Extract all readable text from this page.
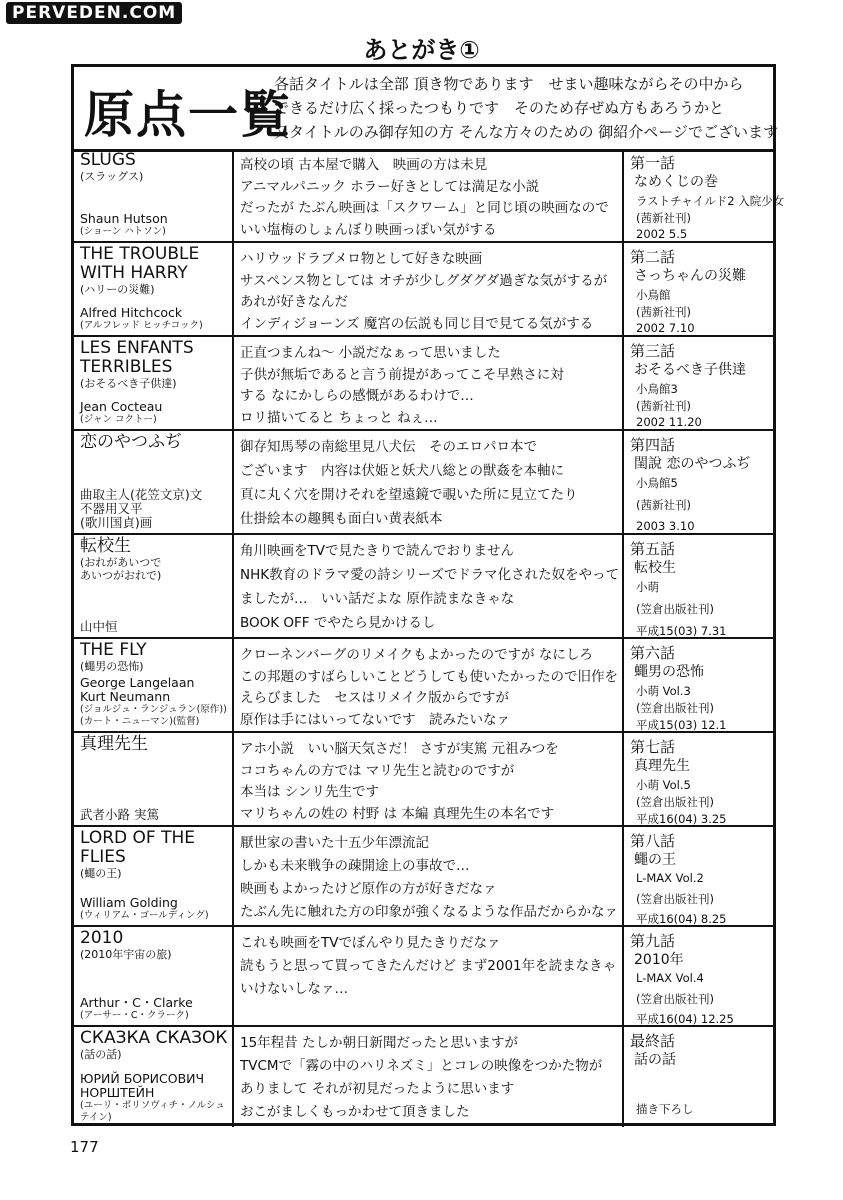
PERVEDEN.COM
あとがき①
原点一覧
各話タイトルは全部 頂き物であります　せまい趣味ながらその中から
できるだけ広く採ったつもりです　そのため存ぜぬ方もあろうかと
又タイトルのみ御存知の方 そんな方々のための 御紹介ページでございます
SLUGS
(スラッグス)
Shaun Hutson
(ショーン ハトソン)
高校の頃 古本屋で購入　映画の方は未見
アニマルパニック ホラー好きとしては満足な小説
だったが たぶん映画は「スクワーム」と同じ頃の映画なので
いい塩梅のしょんぼり映画っぽい気がする
第一話
なめくじの巻
ラストチャイルド2 入院少女
(茜新社刊)
2002 5.5
THE TROUBLE
WITH HARRY
(ハリーの災難)
Alfred Hitchcock
(アルフレッド ヒッチコック)
ハリウッドラブメロ物として好きな映画
サスペンス物としては オチが少しグダグダ過ぎな気がするが
あれが好きなんだ
インディジョーンズ 魔宮の伝説も同じ目で見てる気がする
第二話
さっちゃんの災難
小鳥館
(茜新社刊)
2002 7.10
LES ENFANTS
TERRIBLES
(おそるべき子供達)
Jean Cocteau
(ジャン コクトー)
正直つまんね〜 小説だなぁって思いました
子供が無垢であると言う前提があってこそ早熟さに対
する なにかしらの感慨があるわけで…
ロリ描いてると ちょっと ねぇ…
第三話
おそるべき子供達
小鳥館3
(茜新社刊)
2002 11.20
恋のやつふぢ
曲取主人(花笠文京)文
不器用又平
(歌川国貞)画
御存知馬琴の南総里見八犬伝　そのエロパロ本で
ございます　内容は伏姫と妖犬八総との獣姦を本軸に
頁に丸く穴を開けそれを望遠鏡で覗いた所に見立てたり
仕掛絵本の趣興も面白い黄表紙本
第四話
閨說 恋のやつふぢ
小鳥館5
(茜新社刊)
2003 3.10
転校生
(おれがあいつで
あいつがおれで)
山中恒
角川映画をTVで見たきりで読んでおりません
NHK教育のドラマ愛の詩シリーズでドラマ化された奴をやって
ましたが…　いい話だよな 原作読まなきゃな
BOOK OFF でやたら見かけるし
第五話
転校生
小萌
(笠倉出版社刊)
平成15(03) 7.31
THE FLY
(蠅男の恐怖)
George Langelaan
Kurt Neumann
(ジョルジュ・ランジュラン(原作))
(カート・ニューマン)(監督)
クローネンバーグのリメイクもよかったのですが なにしろ
この邦題のすばらしいことどうしても使いたかったので旧作を
えらびました　セスはリメイク版からですが
原作は手にはいってないです　読みたいなァ
第六話
蠅男の恐怖
小萌 Vol.3
(笠倉出版社刊)
平成15(03) 12.1
真理先生
武者小路 実篤
アホ小説　いい脳天気さだ！ さすが実篤 元祖みつを
ココちゃんの方では マリ先生と読むのですが
本当は シンリ先生です
マリちゃんの姓の 村野 は 本編 真理先生の本名です
第七話
真理先生
小萌 Vol.5
(笠倉出版社刊)
平成16(04) 3.25
LORD OF THE FLIES
(蠅の王)
William Golding
(ウィリアム・ゴールディング)
厭世家の書いた十五少年漂流記
しかも未来戦争の疎開途上の事故で…
映画もよかったけど原作の方が好きだなァ
たぶん先に触れた方の印象が強くなるような作品だからかなァ
第八話
蠅の王
L-MAX Vol.2
(笠倉出版社刊)
平成16(04) 8.25
2010
(2010年宇宙の旅)
Arthur・C・Clarke
(アーサー・C・クラーク)
これも映画をTVでぼんやり見たきりだなァ
読もうと思って買ってきたんだけど まず2001年を読まなきゃ
いけないしなァ…
第九話
2010年
L-MAX Vol.4
(笠倉出版社刊)
平成16(04) 12.25
СКАЗКА СКАЗОК
(話の話)
ЮРИЙ БОРИСОВИЧ НОРШТЕЙН
(ユーリ・ボリソヴィチ・ノルシュテイン)
15年程昔 たしか朝日新聞だったと思いますが
TVCMで「霧の中のハリネズミ」とコレの映像をつかた物が
ありまして それが初見だったように思います
おこがましくもっかわせて頂きました
最終話
話の話
描き下ろし
177
